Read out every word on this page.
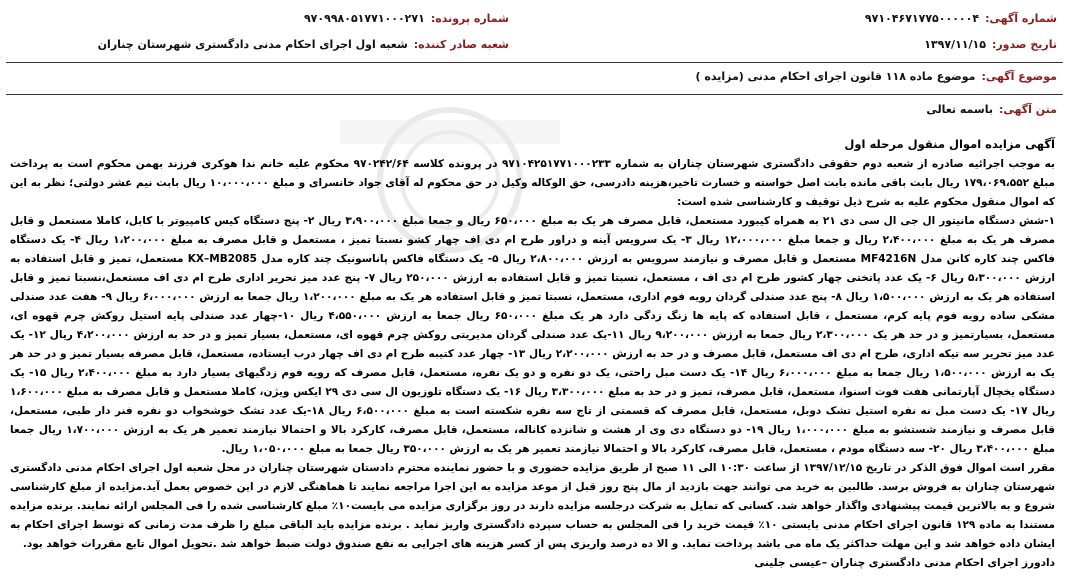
شماره آگهی:
۹۷۱۰۴۶۷۱۷۷۵۰۰۰۰۰۴
تاریخ صدور:
۱۳۹۷/۱۱/۱۵
شماره پرونده:
۹۷۰۹۹۸۰۵۱۷۷۱۰۰۰۲۷۱
شعبه صادر کننده:
شعبه اول اجرای احکام مدنی دادگستری شهرستان چناران
موضوع آگهی:
موضوع ماده ۱۱۸ قانون اجرای احکام مدنی (مزایده )
متن آگهی:
باسمه تعالی

آگهی مزایده اموال منقول مرحله اول

به موجب اجرائیه صادره از شعبه دوم حقوقی دادگستری شهرستان چناران به شماره ۹۷۱۰۴۲۵۱۷۷۱۰۰۰۲۳۳ در پرونده کلاسه ۹۷۰۲۴۲/۶۴ محکوم علیه خانم ندا هوکری فرزند بهمن محکوم است به پرداخت مبلغ ۱۷۹،۰۶۹،۵۵۲ ریال بابت باقی مانده بابت اصل خواسته و خسارت تاخیر،هزینه دادرسی، حق الوکاله وکیل در حق محکوم له آقای جواد خانسرای و مبلغ ۱۰،۰۰۰،۰۰۰ ریال بابت نیم عشر دولتی؛ نظر به این که اموال منقول محکوم علیه به شرح ذیل توقیف و کارشناسی شده است:

۱-شش دستگاه مانیتور ال جی ال سی دی ۲۱ به همراه کیبورد مستعمل، قابل مصرف هر یک به مبلغ ۶۵۰،۰۰۰ ریال و جمعا مبلغ ۳،۹۰۰،۰۰۰ ریال ۲- پنج دستگاه کیس کامپیوتر با کابل، کاملا مستعمل و قابل مصرف هر یک به مبلغ ۲،۴۰۰،۰۰۰ ریال و جمعا مبلغ ۱۲،۰۰۰،۰۰۰ ریال ۳- یک سرویس آینه و دراور طرح ام دی اف چهار کشو نسبتا تمیز ، مستعمل و قابل مصرف به مبلغ ۱،۲۰۰،۰۰۰ ریال ۴- یک دستگاه فاکس چند کاره کانن مدل MF4216N مستعمل و قابل مصرف و نیازمند سرویس به ارزش ۲،۸۰۰،۰۰۰ ریال ۵- یک دستگاه فاکس پاناسونیک چند کاره مدل KX–MB2085 مستعمل، تمیز و قابل استفاده به ارزش ۵،۳۰۰،۰۰۰ ریال ۶- یک عدد پاتختی چهار کشور طرح ام دی اف ، مستعمل، نسبتا تمیز و قابل استفاده به ارزش ۲۵۰،۰۰۰ ریال ۷- پنج عدد میز تحریر اداری طرح ام دی اف مستعمل،نسبتا تمیز و قابل استفاده هر یک به ارزش ۱،۵۰۰،۰۰۰ ریال ۸- پنج عدد صندلی گردان رویه فوم اداری، مستعمل، نسبتا تمیز و قابل استفاده هر یک به مبلغ ۱،۲۰۰،۰۰۰ ریال جمعا به ارزش ۶،۰۰۰،۰۰۰ ریال ۹- هفت عدد صندلی مشکی ساده رویه فوم پایه کرم، مستعمل ، قابل استفاده که پایه ها زنگ زدگی دارد هر یک مبلغ ۶۵۰،۰۰۰ ریال جمعا به ارزش ۴،۵۵۰،۰۰۰ ریال ۱۰-چهار عدد صندلی پایه استیل روکش چرم قهوه ای، مستعمل، بسیارتمیز و در حد هر یک ۲،۳۰۰،۰۰۰ ریال جمعا به ارزش ۹،۲۰۰،۰۰۰ ریال ۱۱-یک عدد صندلی گردان مدیریتی روکش چرم قهوه ای، مستعمل، بسیار تمیز و در حد به ارزش ۴،۲۰۰،۰۰۰ ریال ۱۲- یک عدد میز تحریر سه تیکه اداری، طرح ام دی اف مستعمل، قابل مصرف و در حد به ارزش ۲،۲۰۰،۰۰۰ ریال ۱۳- چهار عدد کتیبه طرح ام دی اف چهار درب ایستاده، مستعمل، قابل مصرفه بسیار تمیز و در حد هر یک به ارزش ۱،۵۰۰،۰۰۰ ریال جمعا به مبلغ ۶،۰۰۰،۰۰۰ ریال ۱۴- یک دست مبل راحتی، یک دو نفره و دو یک نفره، مستعمل، قابل مصرف که رویه فوم زدگیهای بسیار دارد به مبلغ ۲،۴۰۰،۰۰۰ ریال ۱۵- یک دستگاه یخچال آپارتمانی هفت فوت اسنوا، مستعمل، قابل مصرف، تمیز و در حد به مبلغ ۳،۳۰۰،۰۰۰ ریال ۱۶- یک دستگاه تلوزیون ال سی دی ۲۹ ایکس ویژن، کاملا مستعمل و قابل مصرف به مبلغ ۱،۶۰۰،۰۰۰ ریال ۱۷- یک دست مبل نه نفره استیل تشک دوبل، مستعمل، قابل مصرف که قسمتی از تاج سه نفره شکسته است به مبلغ ۶،۵۰۰،۰۰۰ ریال ۱۸-یک عدد تشک خوشخواب دو نفره فنر دار طبی، مستعمل، قابل مصرف و نیازمند شستشو به مبلغ ۱،۰۰۰،۰۰۰ ریال ۱۹- دو دستگاه دی وی ار هشت و شانزده کاناله، مستعمل، قابل مصرف، کارکرد بالا و احتمالا نیازمند تعمیر هر یک به ارزش ۱،۷۰۰،۰۰۰ ریال جمعا مبلغ ۳،۴۰۰،۰۰۰ ریال ۲۰- سه دستگاه مودم ، مستعمل، قابل مصرف، کارکرد بالا و احتمالا نیازمند تعمیر هر یک به ارزش ۳۵۰،۰۰۰ ریال جمعا به مبلغ ۱،۰۵۰،۰۰۰ ریال.

مقرر است اموال فوق الذکر در تاریخ ۱۳۹۷/۱۲/۱۵ از ساعت ۱۰:۳۰ الی ۱۱ صبح از طریق مزایده حضوری و با حضور نماینده محترم دادستان شهرستان چناران در محل شعبه اول اجرای احکام مدنی دادگستری شهرستان چناران به فروش برسد. طالبین به خرید می توانند جهت بازدید از مال پنج روز قبل از موعد مزایده به این اجرا مراجعه نمایند تا هماهنگی لازم در این خصوص بعمل آید.مزایده از مبلغ کارشناسی شروع و به بالاترین قیمت پیشنهادی واگذار خواهد شد. کسانی که تمایل به شرکت درجلسه مزایده دارند در روز برگزاری مزایده می بایست۱۰٪ مبلغ کارشناسی شده را فی المجلس ارائه نمایند. برنده مزایده مستندا به ماده ۱۲۹ قانون اجرای احکام مدنی بایستی ۱۰٪ قیمت خرید را فی المجلس به حساب سپرده دادگستری واریز نماید . برنده مزایده باید الباقی مبلغ را ظرف مدت زمانی که توسط اجرای احکام به ایشان داده خواهد شد و این مهلت حداکثر یک ماه می باشد پرداخت نماید. و الا ده درصد واریزی پس از کسر هزینه های اجرایی به نفع صندوق دولت ضبط خواهد شد .تحویل اموال تابع مقررات خواهد بود.

دادورز اجرای احکام مدنی دادگستری چناران –عیسی جلینی
